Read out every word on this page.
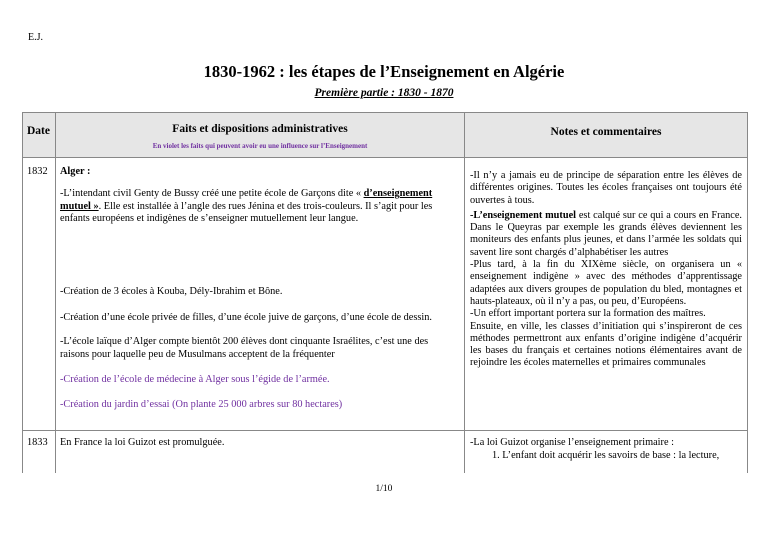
E.J.
1830-1962 : les étapes de l’Enseignement en Algérie
Première partie : 1830 - 1870
Date	Faits et dispositions administratives
En violet les faits qui peuvent avoir eu une influence sur l’Enseignement
Notes et commentaires
1832 Alger :
-L’intendant civil Genty de Bussy créé une petite école de Garçons dite « d’enseignement
mutuel ». Elle est installée à l’angle des rues Jénina et des trois-couleurs. Il s’agit pour les
enfants européens et indigènes de s’enseigner mutuellement leur langue.
-Création de 3 écoles à Kouba, Dély-Ibrahim et Bône.
-Création d’une école privée de filles, d’une école juive de garçons, d’une école de dessin.
-L’école laïque d’Alger compte bientôt 200 élèves dont cinquante Israélites, c’est une des
raisons pour laquelle peu de Musulmans acceptent de la fréquenter
-Création de l’école de médecine à Alger sous l’égide de l’armée.
-Création du jardin d’essai (On plante 25 000 arbres sur 80 hectares)

-Il n’y a jamais eu de principe de séparation entre les élèves de différentes origines. Toutes les écoles françaises ont toujours été ouvertes à tous.

-L’enseignement mutuel est calqué sur ce qui a cours en France. Dans le Queyras par exemple les grands élèves deviennent les moniteurs des enfants plus jeunes, et dans l’armée les soldats qui savent lire sont chargés d’alphabétiser les autres

-Plus tard, à la fin du XIXème siècle, on organisera un « enseignement indigène » avec des méthodes d’apprentissage adaptées aux divers groupes de population du bled, montagnes et hauts-plateaux, où il n’y a pas, ou peu, d’Européens.

-Un effort important portera sur la formation des maîtres.

Ensuite, en ville, les classes d’initiation qui s’inspireront de ces méthodes permettront aux enfants d’origine indigène d’acquérir les bases du français et certaines notions élémentaires avant de rejoindre les écoles maternelles et primaires communales

1833 En France la loi Guizot est promulguée.	-La loi Guizot organise l’enseignement primaire :
1. L’enfant doit acquérir les savoirs de base : la lecture,
1/10
